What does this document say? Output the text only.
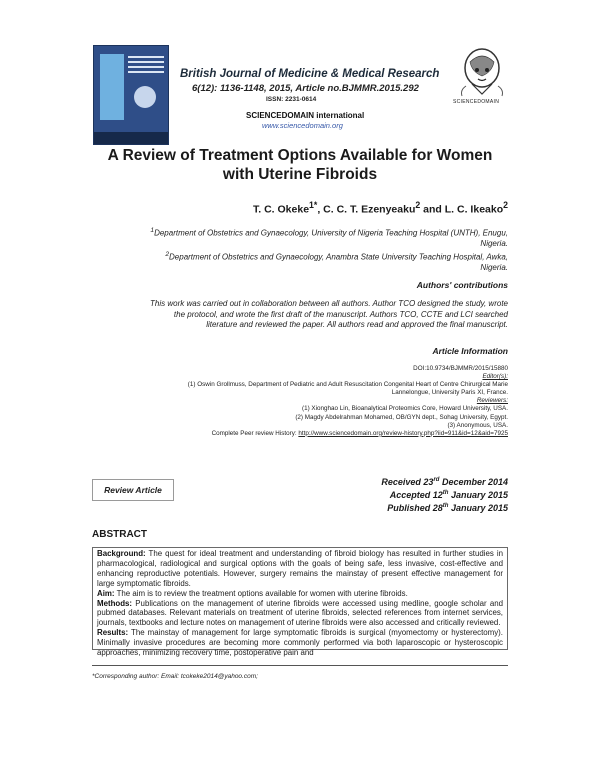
British Journal of Medicine & Medical Research
6(12): 1136-1148, 2015, Article no.BJMMR.2015.292
ISSN: 2231-0614
SCIENCEDOMAIN international
www.sciencedomain.org
SCIENCEDOMAIN
A Review of Treatment Options Available for Women
with Uterine Fibroids
T. C. Okeke$^{1*}$, C. C. T. Ezenyeaku$^2$ and L. C. Ikeako$^2$
$^1$Department of Obstetrics and Gynaecology, University of Nigeria Teaching Hospital (UNTH), Enugu,
Nigeria.
$^2$Department of Obstetrics and Gynaecology, Anambra State University Teaching Hospital, Awka,
Nigeria.
Authors' contributions
This work was carried out in collaboration between all authors. Author TCO designed the study, wrote
the protocol, and wrote the first draft of the manuscript. Authors TCO, CCTE and LCI searched
literature and reviewed the paper. All authors read and approved the final manuscript.
Article Information
DOI:10.9734/BJMMR/2015/15880
Editor(s):
(1) Oswin Grollmuss, Department of Pediatric and Adult Resuscitation Congenital Heart of Centre Chirurgical Marie
Lannelongue, University Paris XI, France.
Reviewers:
(1) Xionghao Lin, Bioanalytical Proteomics Core, Howard University, USA.
(2) Magdy Abdelrahman Mohamed, OB/GYN dept., Sohag University, Egypt.
(3) Anonymous, USA.
Complete Peer review History: http://www.sciencedomain.org/review-history.php?iid=911&id=12&aid=7925
Review Article
Received 23rd December 2014
Accepted 12th January 2015
Published 28th January 2015
ABSTRACT
Background: The quest for ideal treatment and understanding of fibroid biology has resulted in further studies in pharmacological, radiological and surgical options with the goals of being safe, less invasive, cost-effective and enhancing reproductive potentials. However, surgery remains the mainstay of present effective management for large symptomatic fibroids.
Aim: The aim is to review the treatment options available for women with uterine fibroids.
Methods: Publications on the management of uterine fibroids were accessed using medline, google scholar and pubmed databases. Relevant materials on treatment of uterine fibroids, selected references from internet services, journals, textbooks and lecture notes on management of uterine fibroids were also accessed and critically reviewed.
Results: The mainstay of management for large symptomatic fibroids is surgical (myomectomy or hysterectomy). Minimally invasive procedures are becoming more commonly performed via both laparoscopic or hysteroscopic approaches, minimizing recovery time, postoperative pain and
*Corresponding author: Email: tcokeke2014@yahoo.com;
